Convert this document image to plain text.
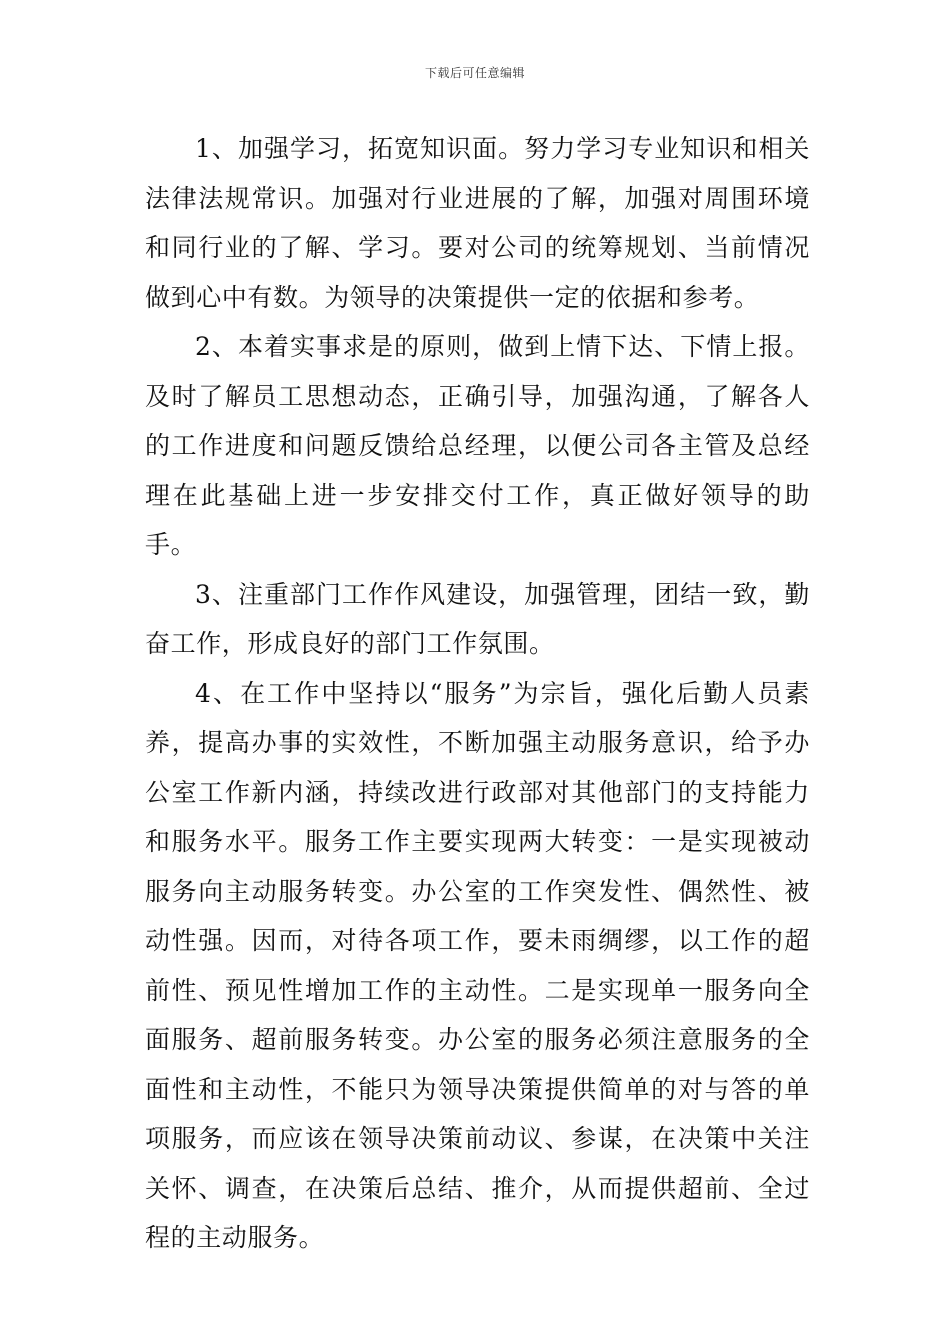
下载后可任意编辑

1、加强学习，拓宽知识面。努力学习专业知识和相关法律法规常识。加强对行业进展的了解，加强对周围环境和同行业的了解、学习。要对公司的统筹规划、当前情况做到心中有数。为领导的决策提供一定的依据和参考。

2、本着实事求是的原则，做到上情下达、下情上报。及时了解员工思想动态，正确引导，加强沟通，了解各人的工作进度和问题反馈给总经理，以便公司各主管及总经理在此基础上进一步安排交付工作，真正做好领导的助手。

3、注重部门工作作风建设，加强管理，团结一致，勤奋工作，形成良好的部门工作氛围。

4、在工作中坚持以“服务”为宗旨，强化后勤人员素养，提高办事的实效性，不断加强主动服务意识，给予办公室工作新内涵，持续改进行政部对其他部门的支持能力和服务水平。服务工作主要实现两大转变：一是实现被动服务向主动服务转变。办公室的工作突发性、偶然性、被动性强。因而，对待各项工作，要未雨绸缪，以工作的超前性、预见性增加工作的主动性。二是实现单一服务向全面服务、超前服务转变。办公室的服务必须注意服务的全面性和主动性，不能只为领导决策提供简单的对与答的单项服务，而应该在领导决策前动议、参谋，在决策中关注关怀、调查，在决策后总结、推介，从而提供超前、全过程的主动服务。
